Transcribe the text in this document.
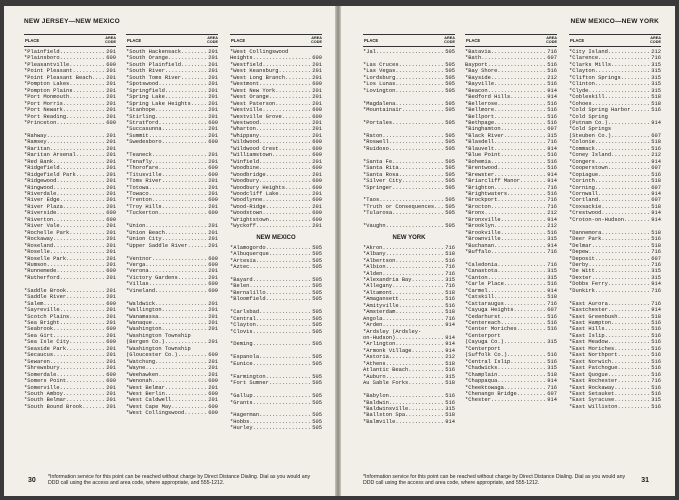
NEW JERSEY—NEW MEXICO
PLACE	AREA CODE
*Plainfield .....	201
*Plainsboro .....	609
*Pleasantville .....	609
*Point Pleasant .....	201
*Point Pleasant Beach .....	201
*Pompton Lakes .....	201
*Pompton Plains .....	201
*Port Monmouth .....	201
*Port Morris .....	201
*Port Newark .....	201
*Port Reading .....	201
*Princeton .....	609
*Rahway .....	201
*Ramsey .....	201
*Raritan .....	201
*Raritan Arsenal .....	201
*Red Bank .....	201
*Ridgefield .....	201
*Ridgefield Park .....	201
*Ridgewood .....	201
*Ringwood .....	201
*Riverdale .....	201
*River Edge .....	201
*River Plaza .....	201
*Riverside .....	609
*Riverton .....	609
*River Vale .....	201
*Rochelle Park .....	201
*Rockaway .....	201
*Roseland .....	201
*Roselle .....	201
*Roselle Park .....	201
*Rumson .....	201
*Runnemede .....	609
*Rutherford .....	201
*Saddle Brook .....	201
*Saddle River .....	201
*Salem .....	609
*Sayreville .....	201
*Scotch Plains .....	201
*Sea Bright .....	201
*Seabrook .....	609
*Sea Girt .....	201
*Sea Isle City .....	609
*Seaside Park .....	201
*Secaucus .....	201
*Sewaren .....	201
*Shrewsbury .....	201
*Somerdale .....	609
*Somers Point .....	609
*Somerville .....	201
*South Amboy .....	201
*South Belmar .....	201
*South Bound Brook .....	201
PLACE	AREA CODE
*South Hackensack .....	201
*South Orange .....	201
*South Plainfield .....	201
*South River .....	201
*South Toms River .....	201
*Spotswood .....	201
*Springfield .....	201
*Spring Lake .....	201
*Spring Lake Heights .....	201
*Stanhope .....	201
*Stirling .....	201
*Stratford .....	609
*Succasunna .....	201
*Summit .....	201
*Swedesboro .....	609
*Teaneck .....	201
*Tenafly .....	201
*Thorofare .....	609
*Titusville .....	609
*Toms River .....	201
*Totowa .....	201
*Towaco .....	201
*Trenton .....	609
*Troy Hills .....	201
*Tuckerton .....	609
*Union .....	201
*Union Beach .....	201
*Union City .....	201
*Upper Saddle River .....	201
*Ventnor .....	609
*Verga .....	609
*Verona .....	201
*Victory Gardens .....	201
*Villas .....	609
*Vineland .....	609
*Waldwick .....	201
*Wallington .....	201
*Wanamassa .....	201
*Wanaque .....	201
*Washington .....	201
*Washington Township
(Bergen Co.) .....	201
*Washington Township
(Gloucester Co.) .....	609
*Watchung .....	201
*Wayne .....	201
*Weehawken .....	201
*Wenonah .....	609
*West Belmar .....	201
*West Berlin .....	609
*West Caldwell .....	201
*West Cape May .....	609
*West Collingswood .....	609
PLACE	AREA CODE
*West Collingswood
Heights .....	609
*Westfield .....	201
*West Keansburg .....	201
*West Long Branch .....	201
*Westmont .....	609
*West New York .....	201
*West Orange .....	201
*West Paterson .....	201
*Westville .....	609
*Westville Grove .....	609
*Westwood .....	201
*Wharton .....	201
*Whippany .....	201
*Wildwood .....	609
*Wildwood Crest .....	609
*Williamstown .....	609
*Winfield .....	201
*Woodbine .....	609
*Woodbridge .....	201
*Woodbury .....	609
*Woodbury Heights .....	609
*Woodcliff Lake .....	201
*Woodlynne .....	609
*Wood-Ridge .....	201
*Woodstown .....	609
*Wrightstown .....	609
*Wyckoff .....	201
NEW MEXICO
*Alamogordo .....	505
*Albuquerque .....	505
*Artesia .....	505
*Aztec .....	505
*Bayard .....	505
*Belen .....	505
*Bernalillo .....	505
*Bloomfield .....	505
*Carlsbad .....	505
*Central .....	505
*Clayton .....	505
*Clovis .....	505
*Deming .....	505
*Espanola .....	505
*Eunice .....	505
*Farmington .....	505
*Fort Sumner .....	505
*Gallup .....	505
*Grants .....	505
*Hagerman .....	505
*Hobbs .....	505
*Hurley .....	505
30 *Information service for this point can be reached without charge by Direct Distance Dialing. Dial as you would any DDD call using the access and area code, where appropriate, and 555-1212.
NEW MEXICO—NEW YORK
PLACE	AREA CODE
*Jal .....	505
*Las Cruces .....	505
*Las Vegas .....	505
*Lordsburg .....	505
*Los Lunas .....	505
*Lovington .....	505
*Magdalena .....	505
*Mountainair .....	505
*Portales .....	505
*Raton .....	505
*Roswell .....	505
*Ruidoso .....	505
*Santa Fe .....	505
*Santa Rita .....	505
*Santa Rosa .....	505
*Silver City .....	505
*Springer .....	505
*Taos .....	505
*Truth or Consequences ..... 505
*Tularosa .....	505
*Vaughn .....	505
NEW YORK
*Akron .....	716
*Albany .....	518
*Albertson .....	516
*Albion .....	716
*Alden .....	716
*Alexandria Bay .....	315
*Allegany .....	716
*Altamont .....	518
*Amagansett .....	516
*Amityville .....	516
*Amsterdam .....	518
Angola .....	716
*Arden .....	914
*Ardsley (Ardsley-
on-Hudson) .....	914
*Arlington .....	914
*Armonk Village .....	914
*Astoria .....	212
*Athens .....	518
Atlantic Beach .....	516
*Auburn .....	315
Au Sable Forks .....	518
*Babylon .....	516
*Baldwin .....	516
*Baldwinsville .....	315
*Ballston Spa .....	518
*Balmville .....	914
PLACE	AREA CODE
*Batavia .....	716
*Bath .....	607
Bayport .....	516
*Bay Shore .....	516
*Bayside .....	212
*Bayville .....	516
*Beacon .....	914
*Bedford Hills .....	914
*Bellerose .....	516
*Bellmore .....	516
*Bellport .....	516
*Bethpage .....	516
*Binghamton .....	607
*Black River .....	315
*Blasdell .....	716
*Blauvelt .....	914
*Blue Point .....	516
*Bohemia .....	516
*Brentwood .....	516
*Brewster .....	914
*Briarcliff Manor .....	914
*Brighton .....	716
*Brightwaters .....	516
*Brockport .....	716
*Brocton .....	716
*Bronx .....	212
*Bronxville .....	914
*Brooklyn .....	212
*Brookville .....	516
*Brownville .....	315
*Buchanan .....	914
*Buffalo .....	716
*Caledonia .....	716
*Canastota .....	315
*Canton .....	315
*Carle Place .....	516
*Carmel .....	914
*Catskill .....	518
*Cattaraugus .....	716
*Cayuga Heights .....	607
*Cedarhurst .....	516
*Centereach .....	516
*Center Moriches .....	516
*Centerport
(Cayuga Co.) .....	315
*Centerport
(Suffolk Co.) .....	516
*Central Islip .....	516
*Chadwicks .....	315
*Champlain .....	518
*Chappaqua .....	914
*Cheektowaga .....	716
*Chenango Bridge .....	607
*Chester .....	914
PLACE	AREA CODE
*City Island .....	212
*Clarence .....	716
*Clarks Mills .....	315
*Clayton .....	315
*Clifton Springs .....	315
*Clinton .....	315
*Clyde .....	315
*Cobleskill .....	518
*Cohoes .....	518
*Cold Spring Harbor .....	516
*Cold Spring
(Putnam Co.) .....	914
*Cold Springs
(Steuben Co.) .....	607
*Colonie .....	518
*Commack .....	516
*Coney Island .....	212
*Congers .....	914
*Cooperstown .....	607
*Copiague .....	516
*Corinth .....	518
*Corning .....	607
*Cornwall .....	914
*Cortland .....	607
*Coxsackie .....	518
*Crestwood .....	914
*Croton-on-Hudson .....	914
*Dannemora .....	518
*Deer Park .....	516
*Delmar .....	518
*Depew .....	716
*Deposit .....	607
*Derby .....	716
*De Witt .....	315
*Dexter .....	315
*Dobbs Ferry .....	914
*Dunkirk .....	716
*East Aurora .....	716
*Eastchester .....	914
*East Greenbush .....	518
*East Hampton .....	516
*East Hills .....	516
*East Islip .....	516
*East Meadow .....	516
*East Moriches .....	516
*East Northport .....	516
*East Norwich .....	516
*East Patchogue .....	516
*East Quogue .....	516
*East Rochester .....	716
*East Rockaway .....	516
*East Setauket .....	516
*East Syracuse .....	315
*East Williston .....	516
31
*Information service for this point can be reached without charge by Direct Distance Dialing. Dial as you would any DDD call using the access and area code, where appropriate, and 555-1212.
